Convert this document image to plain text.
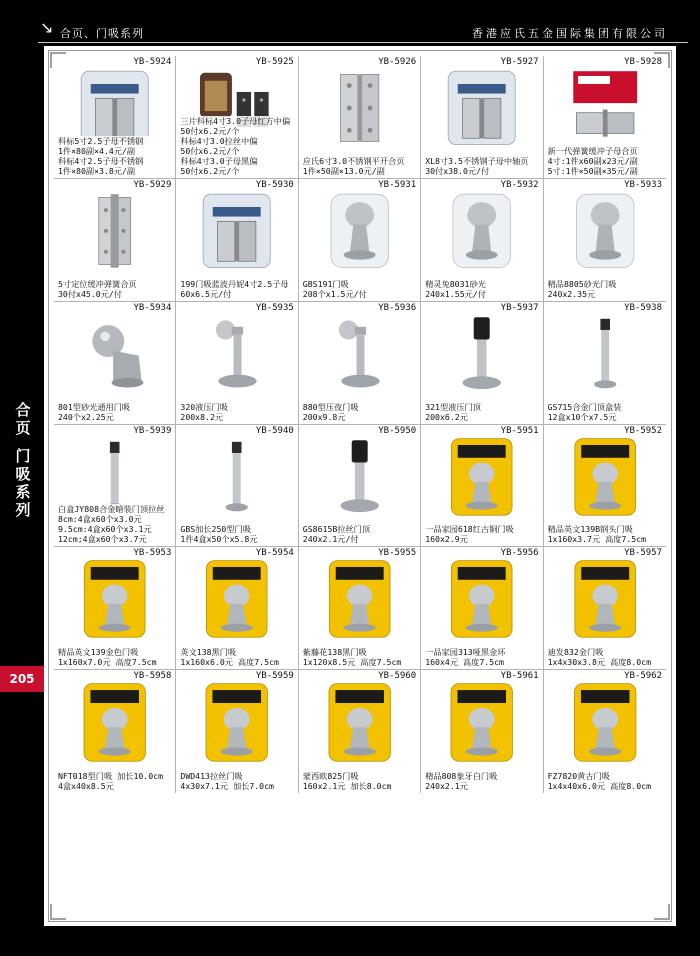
↘ 合页、门吸系列	香港应氏五金国际集团有限公司
合页
门吸系列
205
YB-5924
科标5寸2.5子母不锈钢
1件×80副×4.4元/副
科标4寸2.5子母不锈钢
1件×80副×3.8元/副
YB-5925
三片科标4寸3.0子母红方中偏
50付x6.2元/个
科标4寸3.0拉丝中偏
50付x6.2元/个
科标4寸3.0子母黑偏
50付x6.2元/个
YB-5926
应氏6寸3.0不锈钢平开合页
1件×50副×13.0元/副
YB-5927
XL8寸3.5不锈钢子母中轴页
30付x38.0元/付
YB-5928
新一代弹簧缓冲子母合页
4寸:1件x60副x23元/副
5寸:1件×50副×35元/副
YB-5929
5寸定位缓冲弹簧合页
30付x45.0元/付
YB-5930
199门吸蓝波丹妮4寸2.5子母
60x6.5元/付
YB-5931
GBS191门吸
208个x1.5元/付
YB-5932
精灵兔8031砂光
240x1.55元/付
YB-5933
精品8805砂光门吸
240x2.35元
YB-5934
801型砂光通用门吸
240个x2.25元
YB-5935
320液压门吸
200x8.2元
YB-5936
880型压夜门吸
200x9.8元
YB-5937
321型液压门顶
200x6.2元
YB-5938
GS715合金门顶盒装
12盒x10个x7.5元
YB-5939
白盒JY808合金暗装门顶拉丝
8cm:4盒x60个x3.0元
9.5cm:4盒x60个x3.1元
12cm;4盒x60个x3.7元
YB-5940
GBS加长250型门吸
1件4盒x50个x5.8元
YB-5950
GS8615B拉丝门顶
240x2.1元/付
YB-5951
一品家园618红古铜门吸
160x2.9元
YB-5952
精品英文139B钢头门吸
1x160x3.7元 高度7.5cm
YB-5953
精品英文139金色门吸
1x160x7.0元 高度7.5cm
YB-5954
英文138黑门吸
1x160x6.0元 高度7.5cm
YB-5955
紫藤花138黑门吸
1x120x8.5元 高度7.5cm
YB-5956
一品家园313哑黑金环
160x4元 高度7.5cm
YB-5957
迪发832金门吸
1x4x30x3.8元 高度8.0cm
YB-5958
NFT018型门吸 加长10.0cm
4盒x40x8.5元
YB-5959
DWD413拉丝门吸
4x30x7.1元 加长7.0cm
YB-5960
蒙西欧825门吸
160x2.1元 加长8.0cm
YB-5961
精品808象牙白门吸
240x2.1元
YB-5962
FZ7820黄古门吸
1x4x40x6.0元 高度8.0cm
